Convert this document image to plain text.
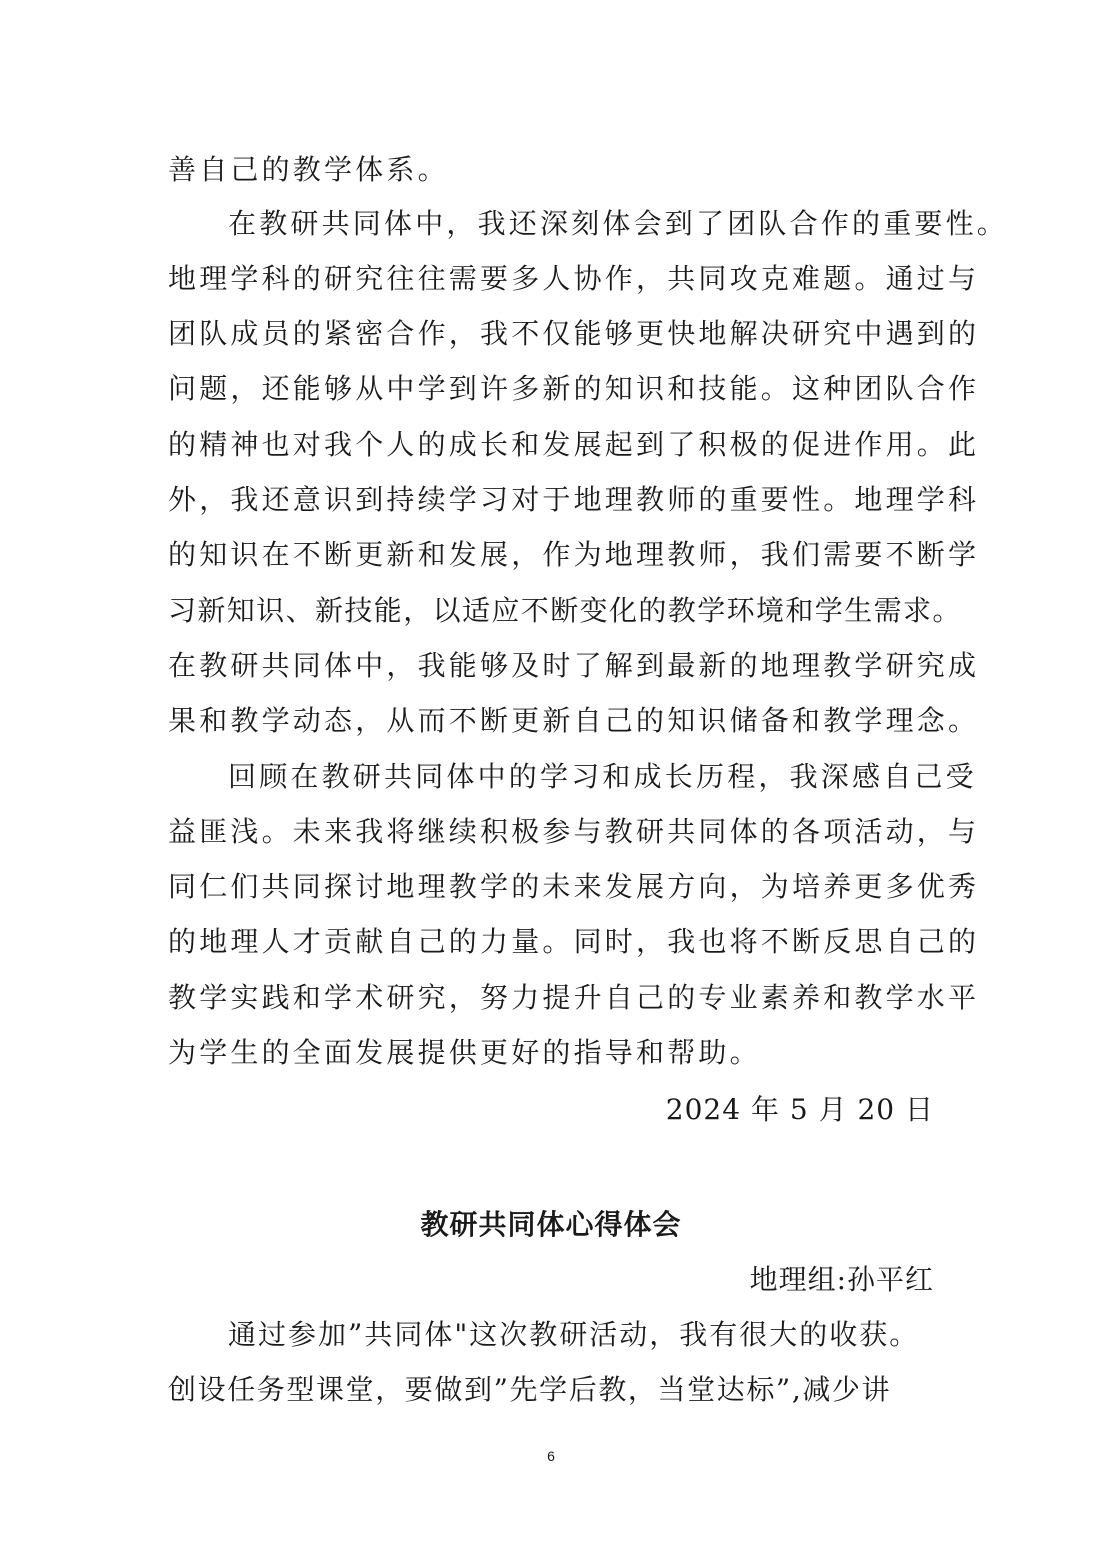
善自己的教学体系。
在教研共同体中，我还深刻体会到了团队合作的重要性。
地理学科的研究往往需要多人协作，共同攻克难题。通过与
团队成员的紧密合作，我不仅能够更快地解决研究中遇到的
问题，还能够从中学到许多新的知识和技能。这种团队合作
的精神也对我个人的成长和发展起到了积极的促进作用。此
外，我还意识到持续学习对于地理教师的重要性。地理学科
的知识在不断更新和发展，作为地理教师，我们需要不断学
习新知识、新技能，以适应不断变化的教学环境和学生需求。
在教研共同体中，我能够及时了解到最新的地理教学研究成
果和教学动态，从而不断更新自己的知识储备和教学理念。
回顾在教研共同体中的学习和成长历程，我深感自己受
益匪浅。未来我将继续积极参与教研共同体的各项活动，与
同仁们共同探讨地理教学的未来发展方向，为培养更多优秀
的地理人才贡献自己的力量。同时，我也将不断反思自己的
教学实践和学术研究，努力提升自己的专业素养和教学水平
为学生的全面发展提供更好的指导和帮助。
2024 年 5 月 20 日
教研共同体心得体会
地理组:孙平红
通过参加”共同体"这次教研活动，我有很大的收获。
创设任务型课堂，要做到”先学后教，当堂达标”,减少讲
6
